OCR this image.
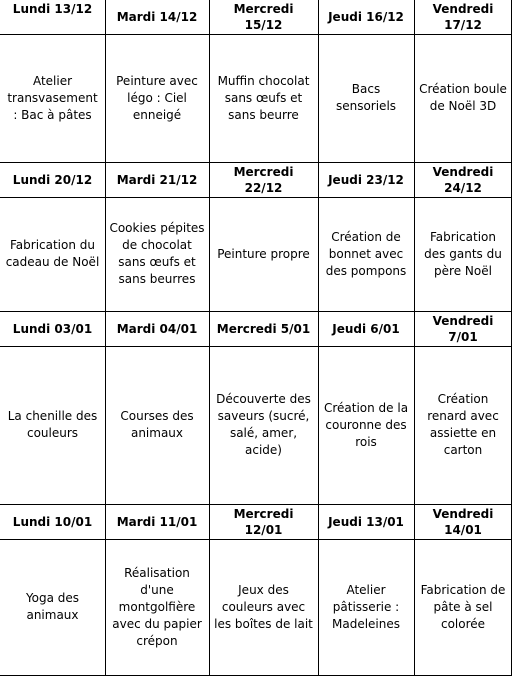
Lundi 13/12
Atelier transvasement : Bac à pâtes
Mardi 14/12
Peinture avec légo : Ciel enneigé
Mercredi 15/12
Muffin chocolat sans œufs et sans beurre
Jeudi 16/12
Bacs sensoriels
Vendredi 17/12
Création boule de Noël 3D
Lundi 20/12
Fabrication du cadeau de Noël
Mardi 21/12
Cookies pépites de chocolat sans œufs et sans beurres
Mercredi 22/12
Peinture propre
Jeudi 23/12
Création de bonnet avec des pompons
Vendredi 24/12
Fabrication des gants du père Noël
Lundi 03/01
La chenille des couleurs
Mardi 04/01
Courses des animaux
Mercredi 5/01
Découverte des saveurs (sucré, salé, amer, acide)
Jeudi 6/01
Création de la couronne des rois
Vendredi 7/01
Création renard avec assiette en carton
Lundi 10/01
Yoga des animaux
Mardi 11/01
Réalisation d'une montgolfière avec du papier crépon
Mercredi 12/01
Jeux des couleurs avec les boîtes de lait
Jeudi 13/01
Atelier pâtisserie : Madeleines
Vendredi 14/01
Fabrication de pâte à sel colorée
